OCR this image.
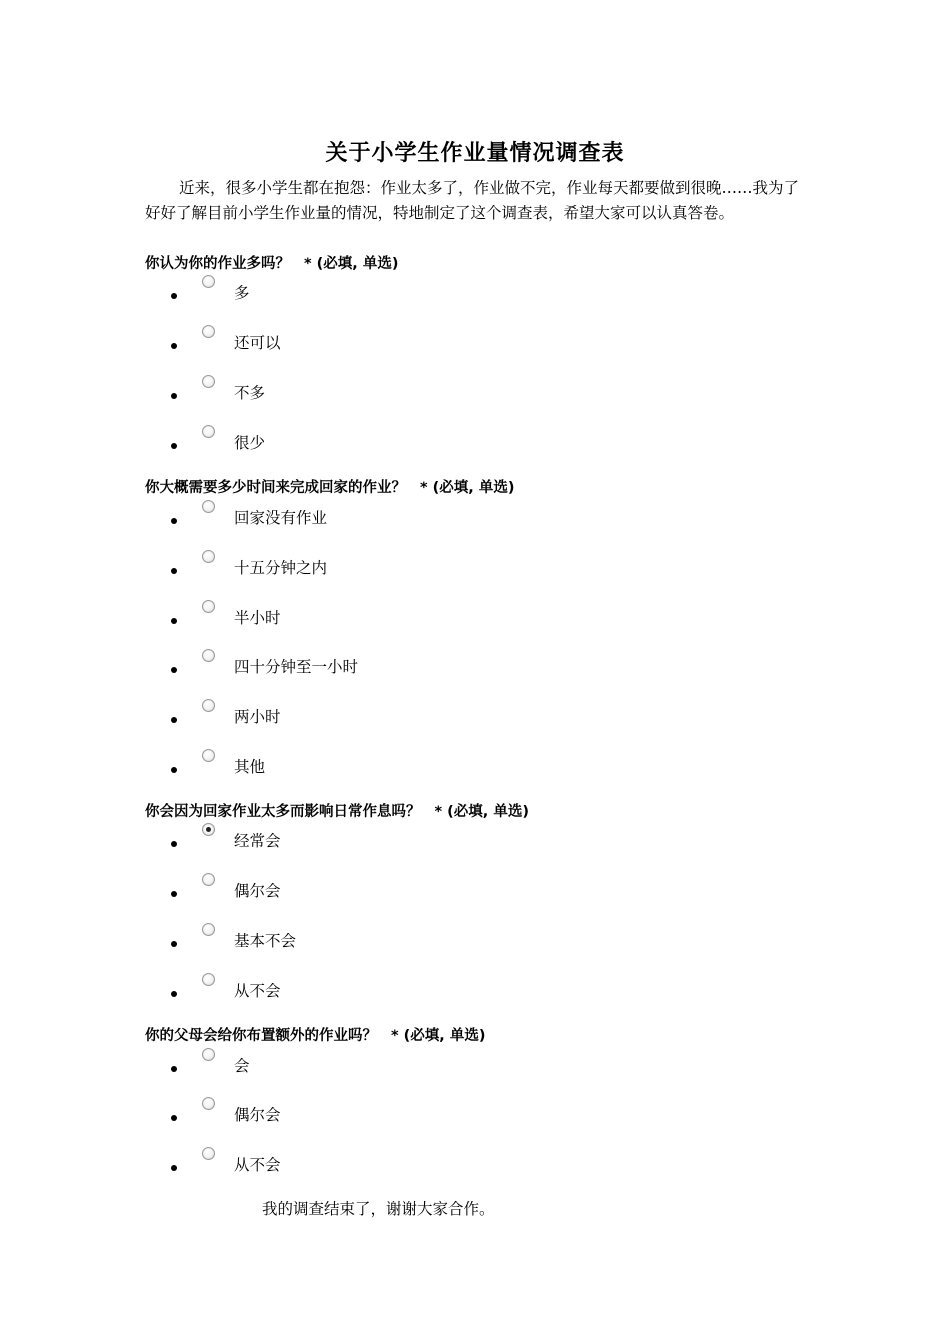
关于小学生作业量情况调查表
近来，很多小学生都在抱怨：作业太多了，作业做不完，作业每天都要做到很晚……我为了好好了解目前小学生作业量的情况，特地制定了这个调查表，希望大家可以认真答卷。
你认为你的作业多吗？ * (必填, 单选)
多
还可以
不多
很少
你大概需要多少时间来完成回家的作业？ * (必填, 单选)
回家没有作业
十五分钟之内
半小时
四十分钟至一小时
两小时
其他
你会因为回家作业太多而影响日常作息吗？ * (必填, 单选)
经常会
偶尔会
基本不会
从不会
你的父母会给你布置额外的作业吗？ * (必填, 单选)
会
偶尔会
从不会
我的调查结束了，谢谢大家合作。
